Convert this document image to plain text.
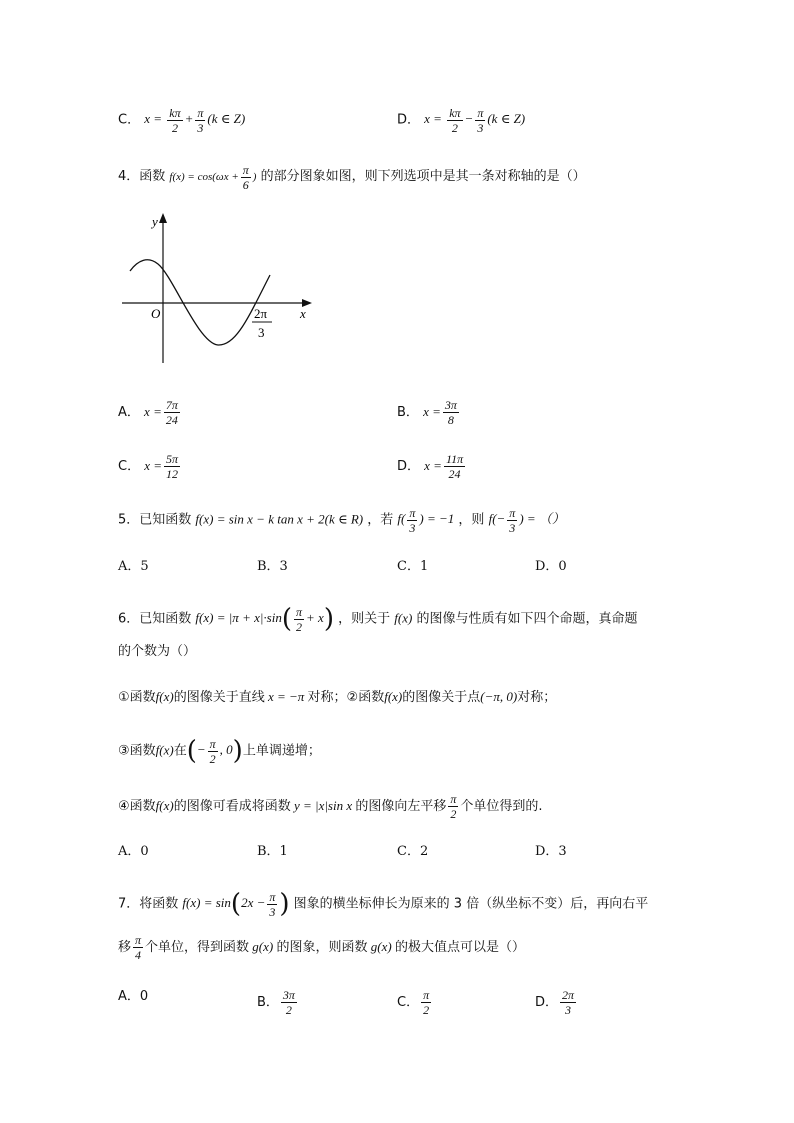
C． $x = \frac{k\pi}{2} + \frac{\pi}{3} (k$ ∈ Z)	D． $x = \frac{k\pi}{2} - \frac{\pi}{3} (k$ ∈ Z)
4．函数 $f(x) = \cos(\omega x + \frac{\pi}{6}$ ) 的部分图象如图，则下列选项中是其一条对称轴的是（）
y
x
O	2π
3
A． $x = \frac{7\pi}{24}$	B． $x = \frac{3\pi}{8}$
C． $x = \frac{5\pi}{12}$	D． $x = \frac{11\pi}{24}$
5．已知函数 f(x) = sin x − k tan x + 2(k ∈ R) ，若 $f( \frac{\pi}{3}$ ) = −1 ，则 $f(- \frac{\pi}{3}$ ) = （）
A．5	B．3	C．1	D．0
6．已知函数 $f(x) = |\pi + x|\cdot\sin( \frac{\pi}{2} + x)$ ，则关于 f(x) 的图像与性质有如下四个命题，真命题
的个数为（）
①函数f(x)的图像关于直线 x = −π 对称；②函数f(x)的图像关于点(−π, 0)对称；
③函数f(x)在(− $\frac{\pi}{2}$ , 0)上单调递增；
④函数f(x)的图像可看成将函数 y = |x|sin x 的图像向左平移 $\frac{\pi}{2}$ 个单位得到的.
A．0	B．1	C．2	D．3
7．将函数 $f(x) = \sin(2x - \frac{\pi}{3}$ ) 图象的横坐标伸长为原来的 3 倍（纵坐标不变）后，再向右平
移 $\frac{\pi}{4}$ 个单位，得到函数 g(x) 的图象，则函数 g(x) 的极大值点可以是（）
A．0	B． $\frac{3\pi}{2}$	C． $\frac{\pi}{2}$	D． $\frac{2\pi}{3}$
